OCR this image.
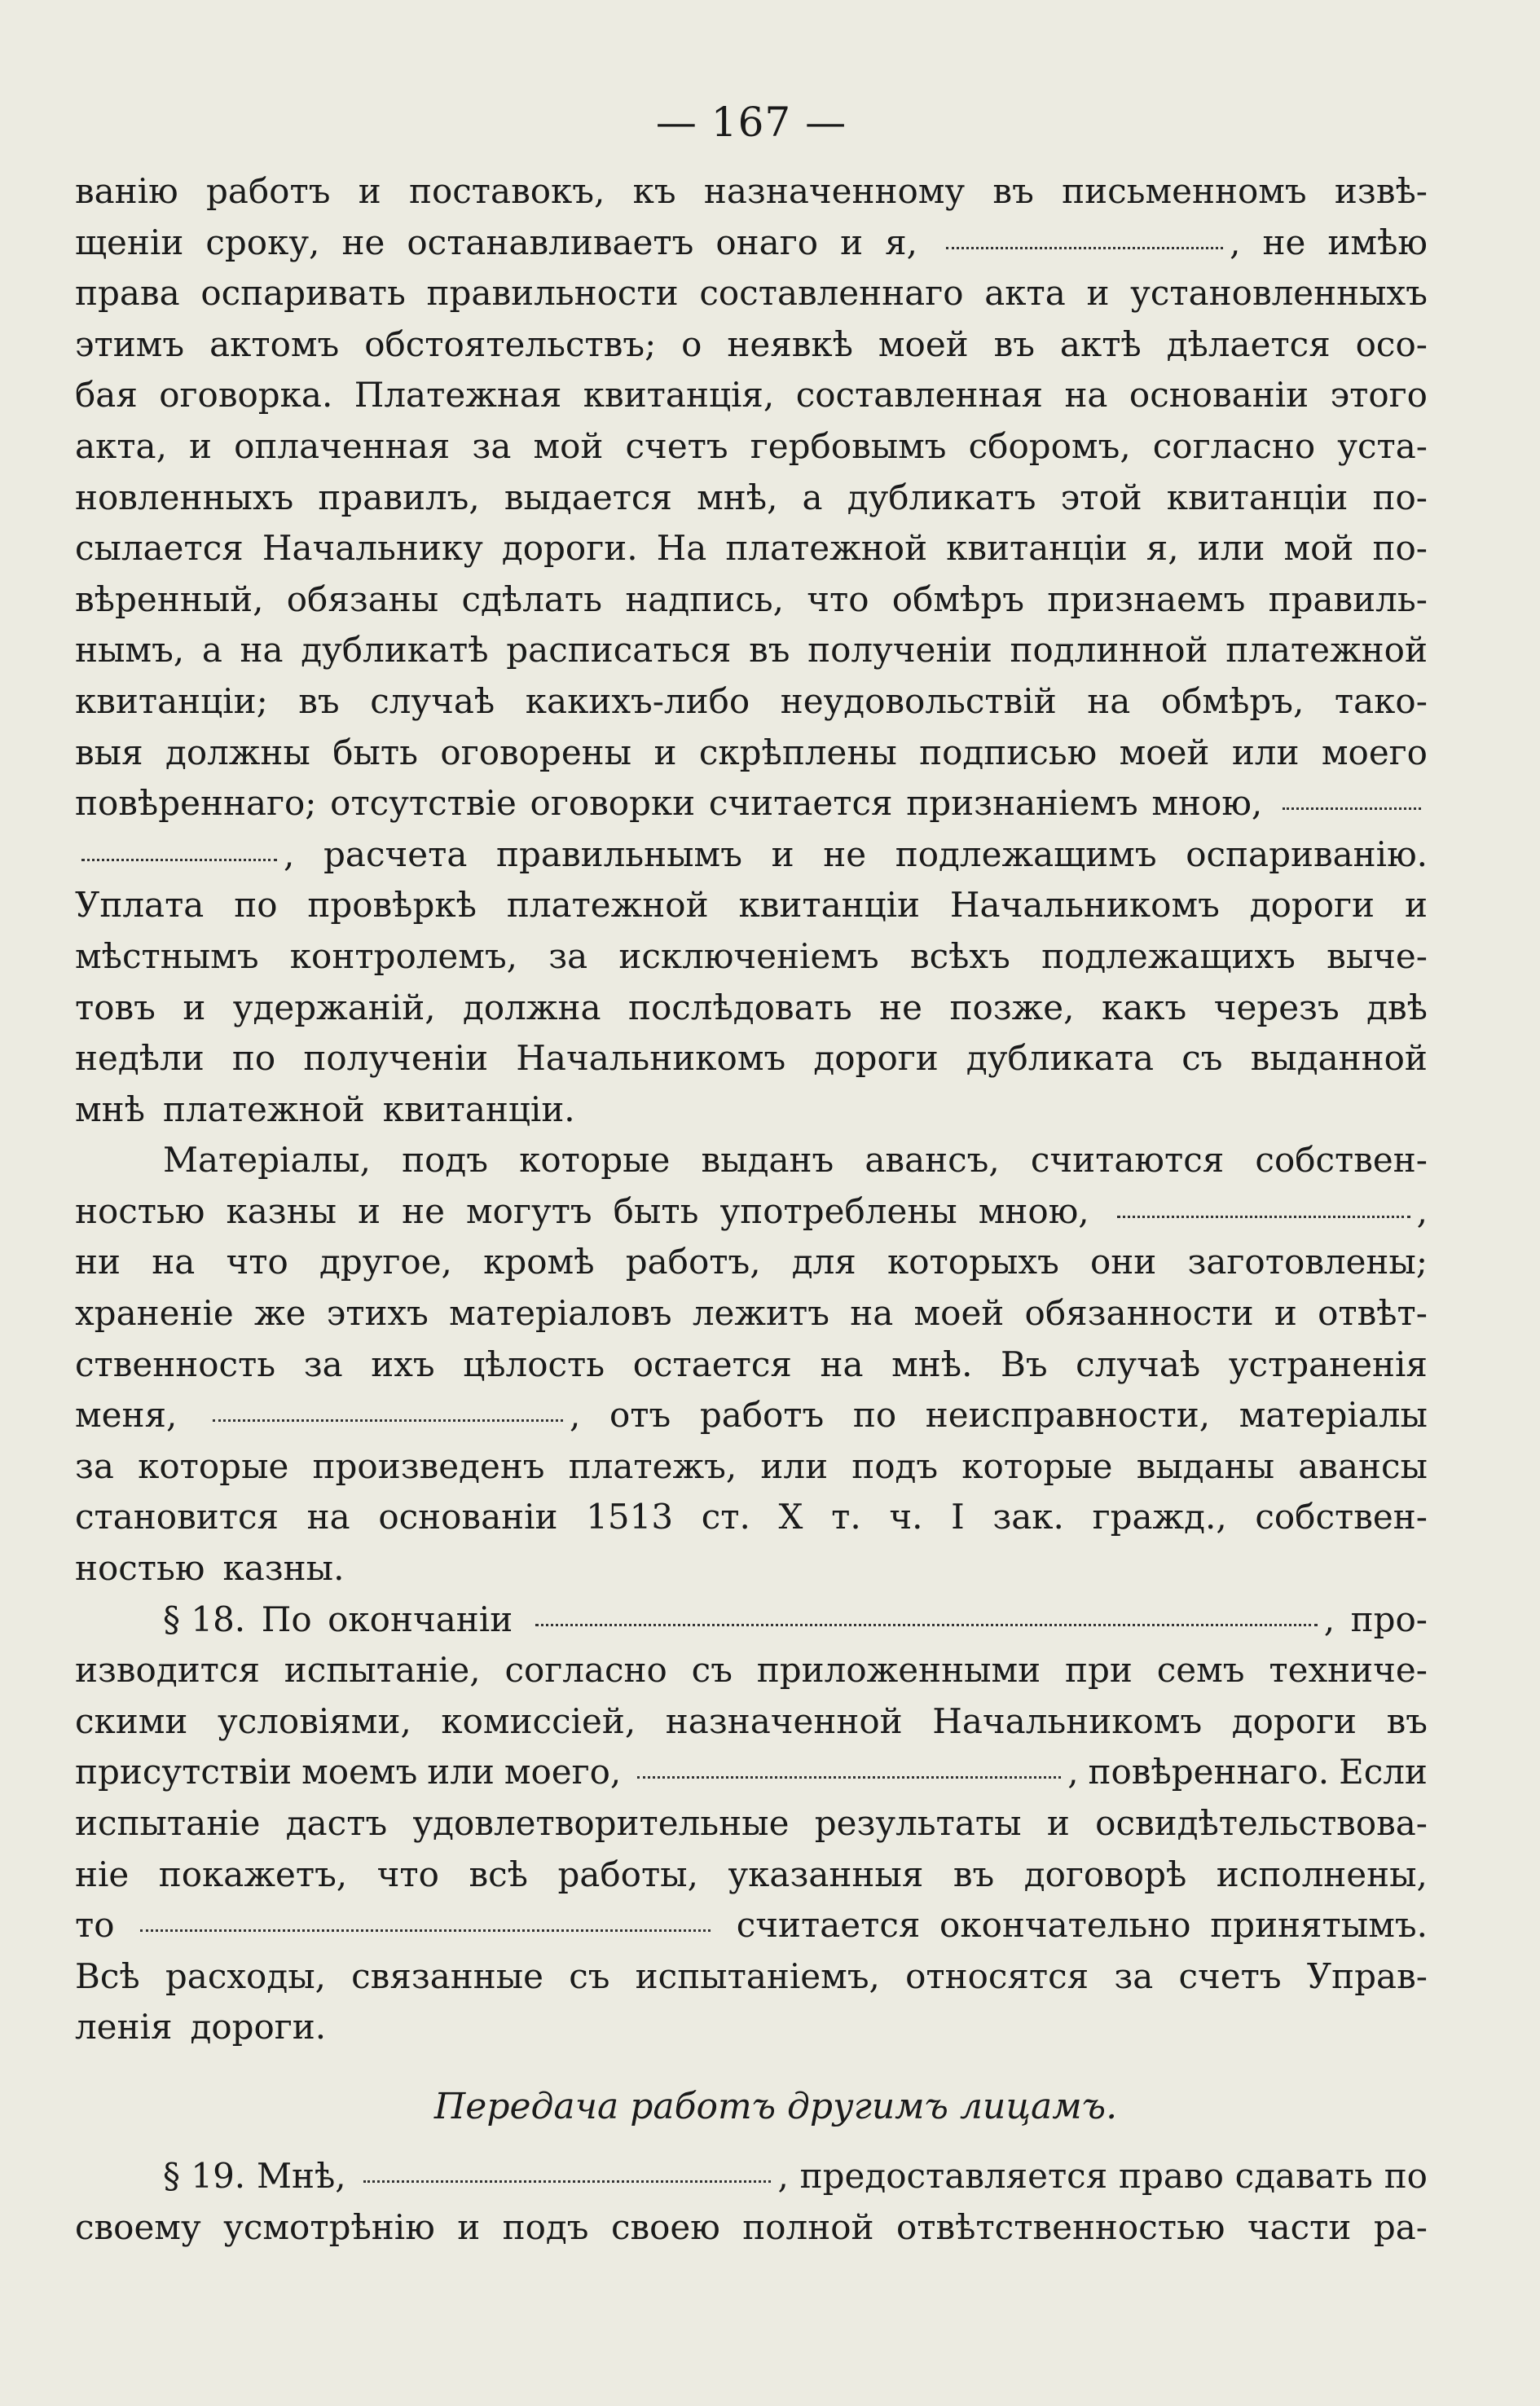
— 167 —
ванію работъ и поставокъ, къ назначенному въ письменномъ извѣ-
щеніи сроку, не останавливаетъ онаго и я,	, не имѣю
права оспаривать правильности составленнаго акта и установленныхъ
этимъ актомъ обстоятельствъ; о неявкѣ моей въ актѣ дѣлается осо-
бая оговорка. Платежная квитанція, составленная на основаніи этого
акта, и оплаченная за мой счетъ гербовымъ сборомъ, согласно уста-
новленныхъ правилъ, выдается мнѣ, а дубликатъ этой квитанціи по-
сылается Начальнику дороги. На платежной квитанціи я, или мой по-
вѣренный, обязаны сдѣлать надпись, что обмѣръ признаемъ правиль-
нымъ, а на дубликатѣ расписаться въ полученіи подлинной платежной
квитанціи; въ случаѣ какихъ-либо неудовольствій на обмѣръ, тако-
выя должны быть оговорены и скрѣплены подписью моей или моего
повѣреннаго; отсутствіе оговорки считается признаніемъ мною,
, расчета правильнымъ и не подлежащимъ оспариванію.
Уплата по провѣркѣ платежной квитанціи Начальникомъ дороги и
мѣстнымъ контролемъ, за исключеніемъ всѣхъ подлежащихъ выче-
товъ и удержаній, должна послѣдовать не позже, какъ черезъ двѣ
недѣли по полученіи Начальникомъ дороги дубликата съ выданной
мнѣ платежной квитанціи.
Матеріалы, подъ которые выданъ авансъ, считаются собствен-
ностью казны и не могутъ быть употреблены мною,	,
ни на что другое, кромѣ работъ, для которыхъ они заготовлены;
храненіе же этихъ матеріаловъ лежитъ на моей обязанности и отвѣт-
ственность за ихъ цѣлость остается на мнѣ. Въ случаѣ устраненія
меня,	, отъ работъ по неисправности, матеріалы
за которые произведенъ платежъ, или подъ которые выданы авансы
становится на основаніи 1513 ст. X т. ч. I зак. гражд., собствен-
ностью казны.
§ 18. По окончаніи	, про-
изводится испытаніе, согласно съ приложенными при семъ техниче-
скими условіями, комиссіей, назначенной Начальникомъ дороги въ
присутствіи моемъ или моего,	, повѣреннаго. Если
испытаніе дастъ удовлетворительные результаты и освидѣтельствова-
ніе покажетъ, что всѣ работы, указанныя въ договорѣ исполнены,
то	считается окончательно принятымъ.
Всѣ расходы, связанные съ испытаніемъ, относятся за счетъ Управ-
ленія дороги.
Передача работъ другимъ лицамъ.
§ 19. Мнѣ,	, предоставляется право сдавать по
своему усмотрѣнію и подъ своею полной отвѣтственностью части ра-
